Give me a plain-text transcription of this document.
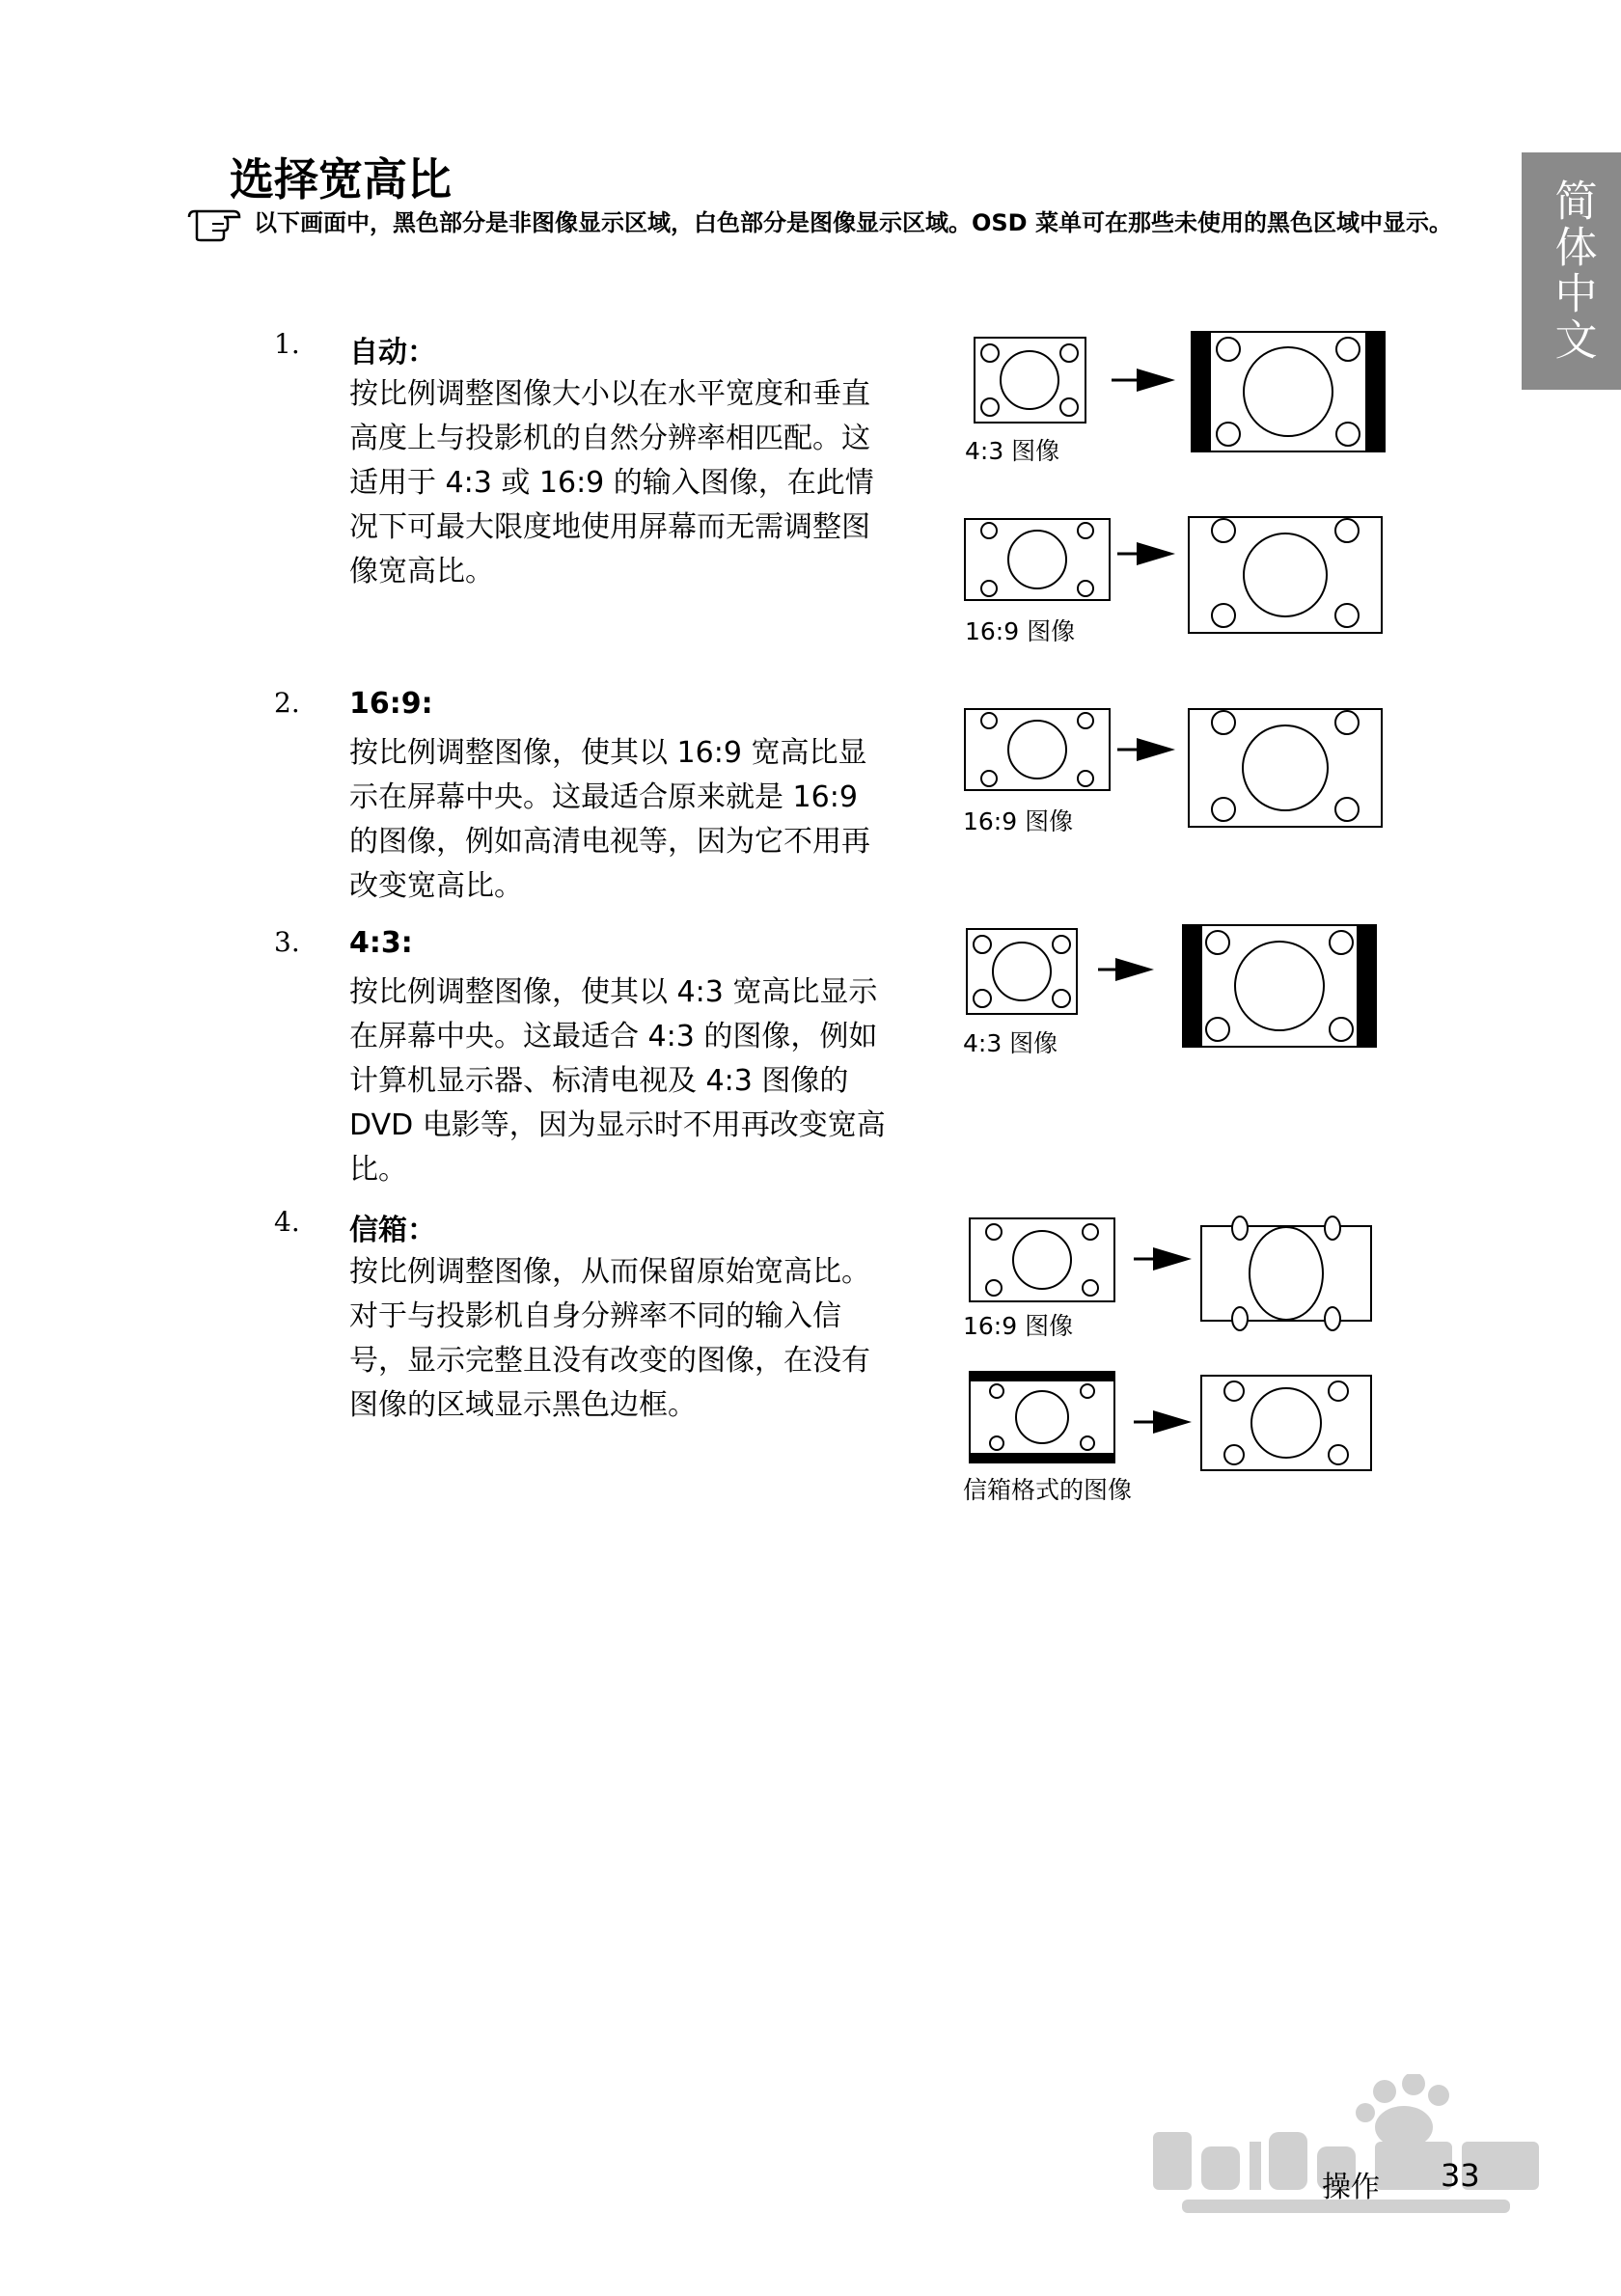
选择宽高比
以下画面中，黑色部分是非图像显示区域，白色部分是图像显示区域。OSD 菜单可在那些未使用的黑色区域中显示。	简体中文
1. 自动：
按比例调整图像大小以在水平宽度和垂直高度上与投影机的自然分辨率相匹配。这适用于 4:3 或 16:9 的输入图像，在此情况下可最大限度地使用屏幕而无需调整图像宽高比。
2. 16:9:
按比例调整图像，使其以 16:9 宽高比显示在屏幕中央。这最适合原来就是 16:9 的图像，例如高清电视等，因为它不用再改变宽高比。
3. 4:3:
按比例调整图像，使其以 4:3 宽高比显示在屏幕中央。这最适合 4:3 的图像，例如计算机显示器、标清电视及 4:3 图像的 DVD 电影等，因为显示时不用再改变宽高比。
4. 信箱：
按比例调整图像，从而保留原始宽高比。对于与投影机自身分辨率不同的输入信号，显示完整且没有改变的图像，在没有图像的区域显示黑色边框。
4:3 图像
16:9 图像
16:9 图像
4:3 图像
16:9 图像
信箱格式的图像
操作 33
